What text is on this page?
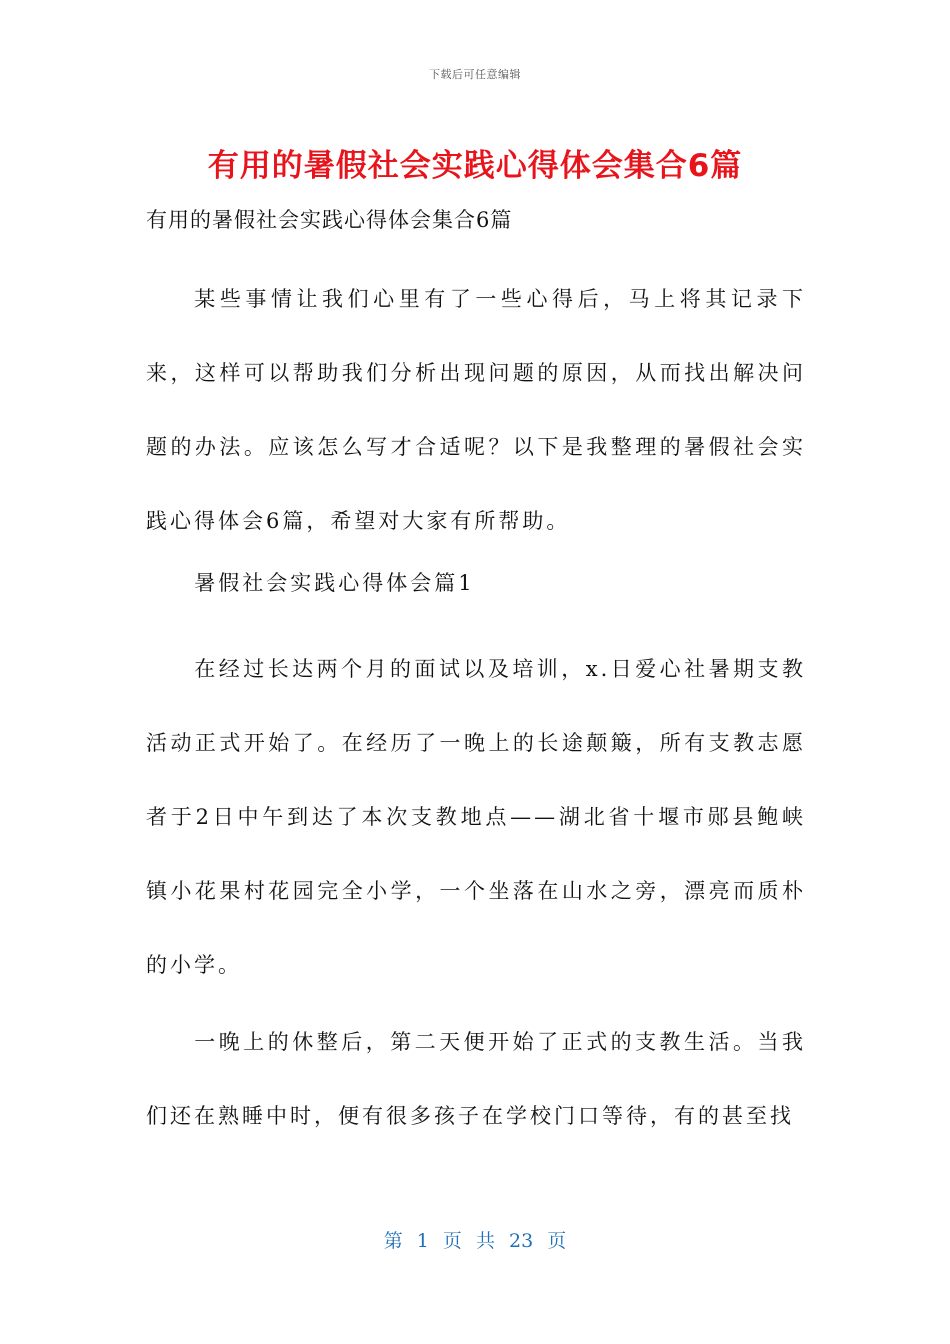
下载后可任意编辑
有用的暑假社会实践心得体会集合6篇
有用的暑假社会实践心得体会集合6篇

某些事情让我们心里有了一些心得后，马上将其记录下来，这样可以帮助我们分析出现问题的原因，从而找出解决问题的办法。应该怎么写才合适呢？以下是我整理的暑假社会实践心得体会6篇，希望对大家有所帮助。

暑假社会实践心得体会篇1

在经过长达两个月的面试以及培训，x.日爱心社暑期支教活动正式开始了。在经历了一晚上的长途颠簸，所有支教志愿者于2日中午到达了本次支教地点——湖北省十堰市郧县鲍峡镇小花果村花园完全小学，一个坐落在山水之旁，漂亮而质朴的小学。

一晚上的休整后，第二天便开始了正式的支教生活。当我们还在熟睡中时，便有很多孩子在学校门口等待，有的甚至找

第 1 页 共 23 页
